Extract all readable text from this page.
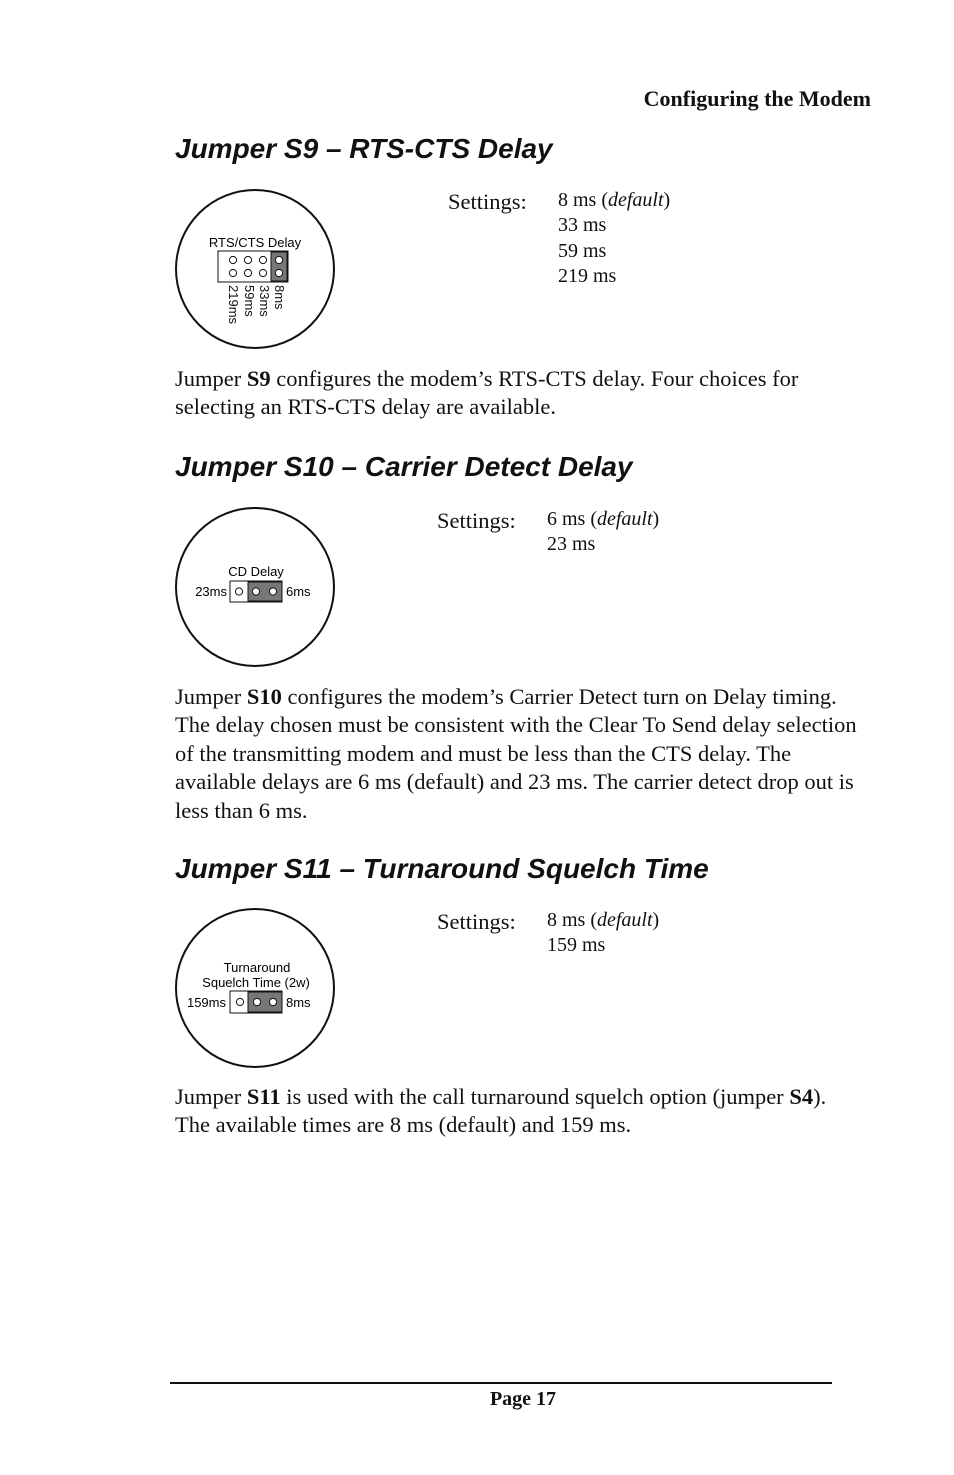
Configuring the Modem
Jumper S9 – RTS-CTS Delay
RTS/CTS Delay
8ms
33ms
59ms
219ms
Settings: 8 ms (default)
33 ms
59 ms
219 ms

Jumper S9 configures the modem’s RTS-CTS delay. Four choices for selecting an RTS-CTS delay are available.

Jumper S10 – Carrier Detect Delay
CD Delay
23ms	6ms
Settings: 6 ms (default)
23 ms

Jumper S10 configures the modem’s Carrier Detect turn on Delay timing. The delay chosen must be consistent with the Clear To Send delay selection of the transmitting modem and must be less than the CTS delay. The available delays are 6 ms (default) and 23 ms. The carrier detect drop out is less than 6 ms.

Jumper S11 – Turnaround Squelch Time
Turnaround
Squelch Time (2w)
159ms	8ms
Settings: 8 ms (default)
159 ms

Jumper S11 is used with the call turnaround squelch option (jumper S4). The available times are 8 ms (default) and 159 ms.

Page 17
